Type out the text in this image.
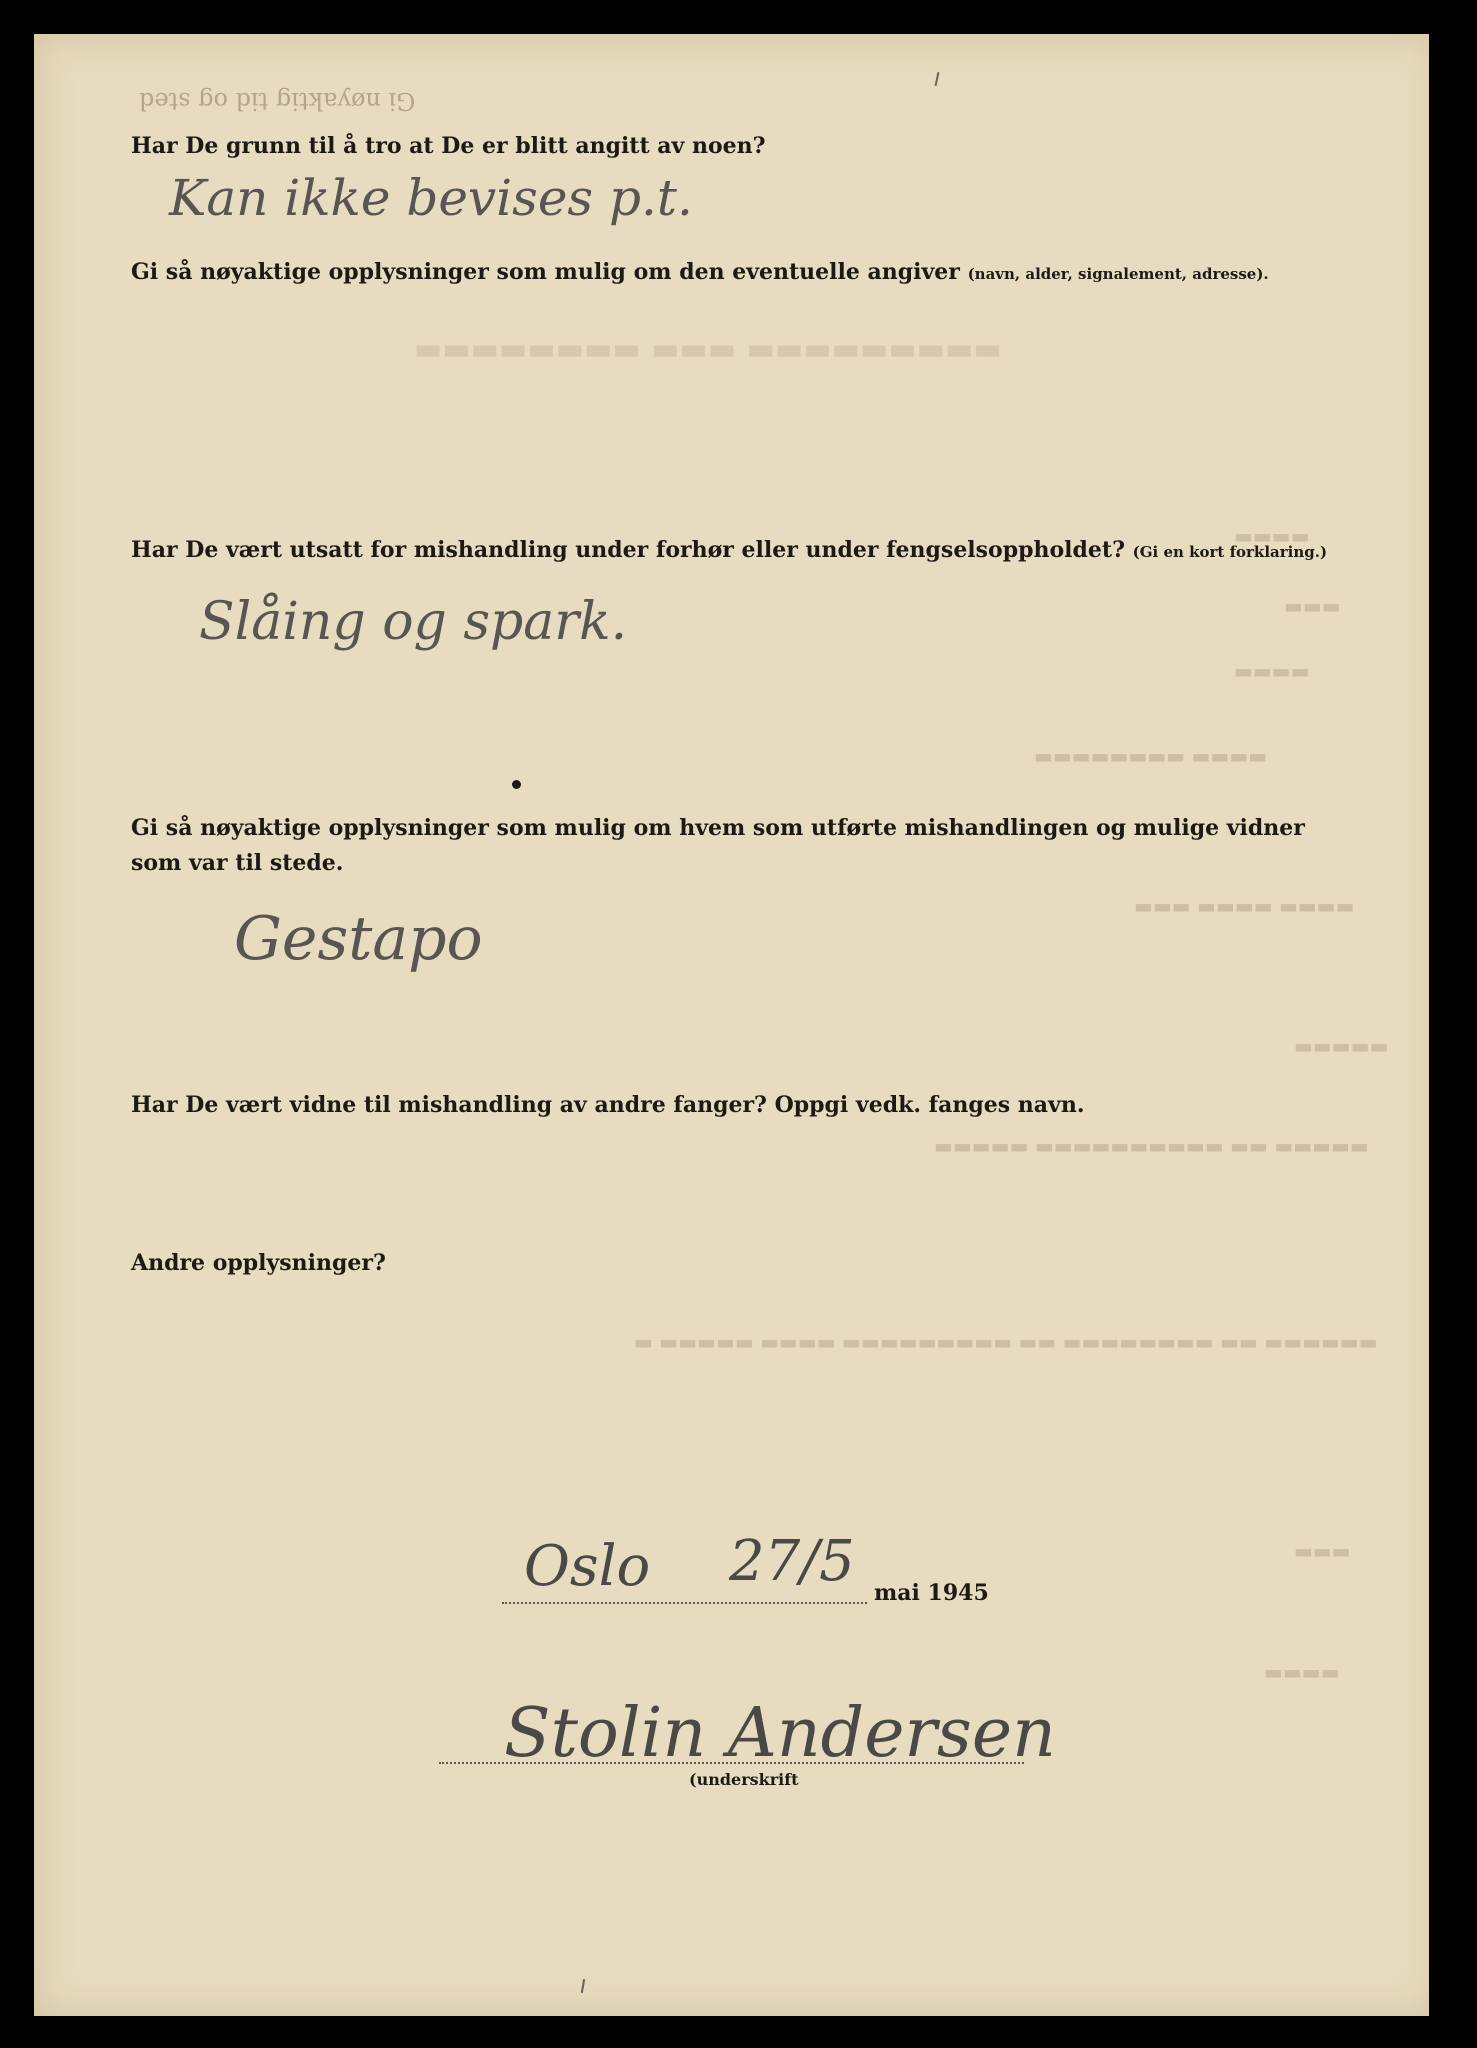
Gi nøyaktig tid og sted
▬▬▬▬▬▬▬▬ ▬▬▬ ▬▬▬▬▬▬▬▬▬
▬▬▬▬
▬▬▬
▬▬▬▬
▬▬▬▬▬▬▬▬ ▬▬▬▬
▬▬▬ ▬▬▬▬ ▬▬▬▬
▬▬▬▬▬
▬▬▬▬▬ ▬▬▬▬▬▬▬▬▬▬ ▬▬ ▬▬▬▬▬
▬ ▬▬▬▬▬ ▬▬▬▬ ▬▬▬▬▬▬▬▬▬ ▬▬ ▬▬▬▬▬▬▬▬ ▬▬ ▬▬▬▬▬▬
▬▬▬
▬▬▬▬

Har De grunn til å tro at De er blitt angitt av noen?

Kan ikke bevises p.t.

Gi så nøyaktige opplysninger som mulig om den eventuelle angiver (navn, alder, signalement, adresse).

Har De vært utsatt for mishandling under forhør eller under fengselsoppholdet? (Gi en kort forklaring.)

Slåing og spark.

Gi så nøyaktige opplysninger som mulig om hvem som utførte mishandlingen og mulige vidner

som var til stede.

Gestapo

Har De vært vidne til mishandling av andre fanger? Oppgi vedk. fanges navn.

Andre opplysninger?

Oslo 27/5 mai 1945

Stolin Andersen

(underskrift
